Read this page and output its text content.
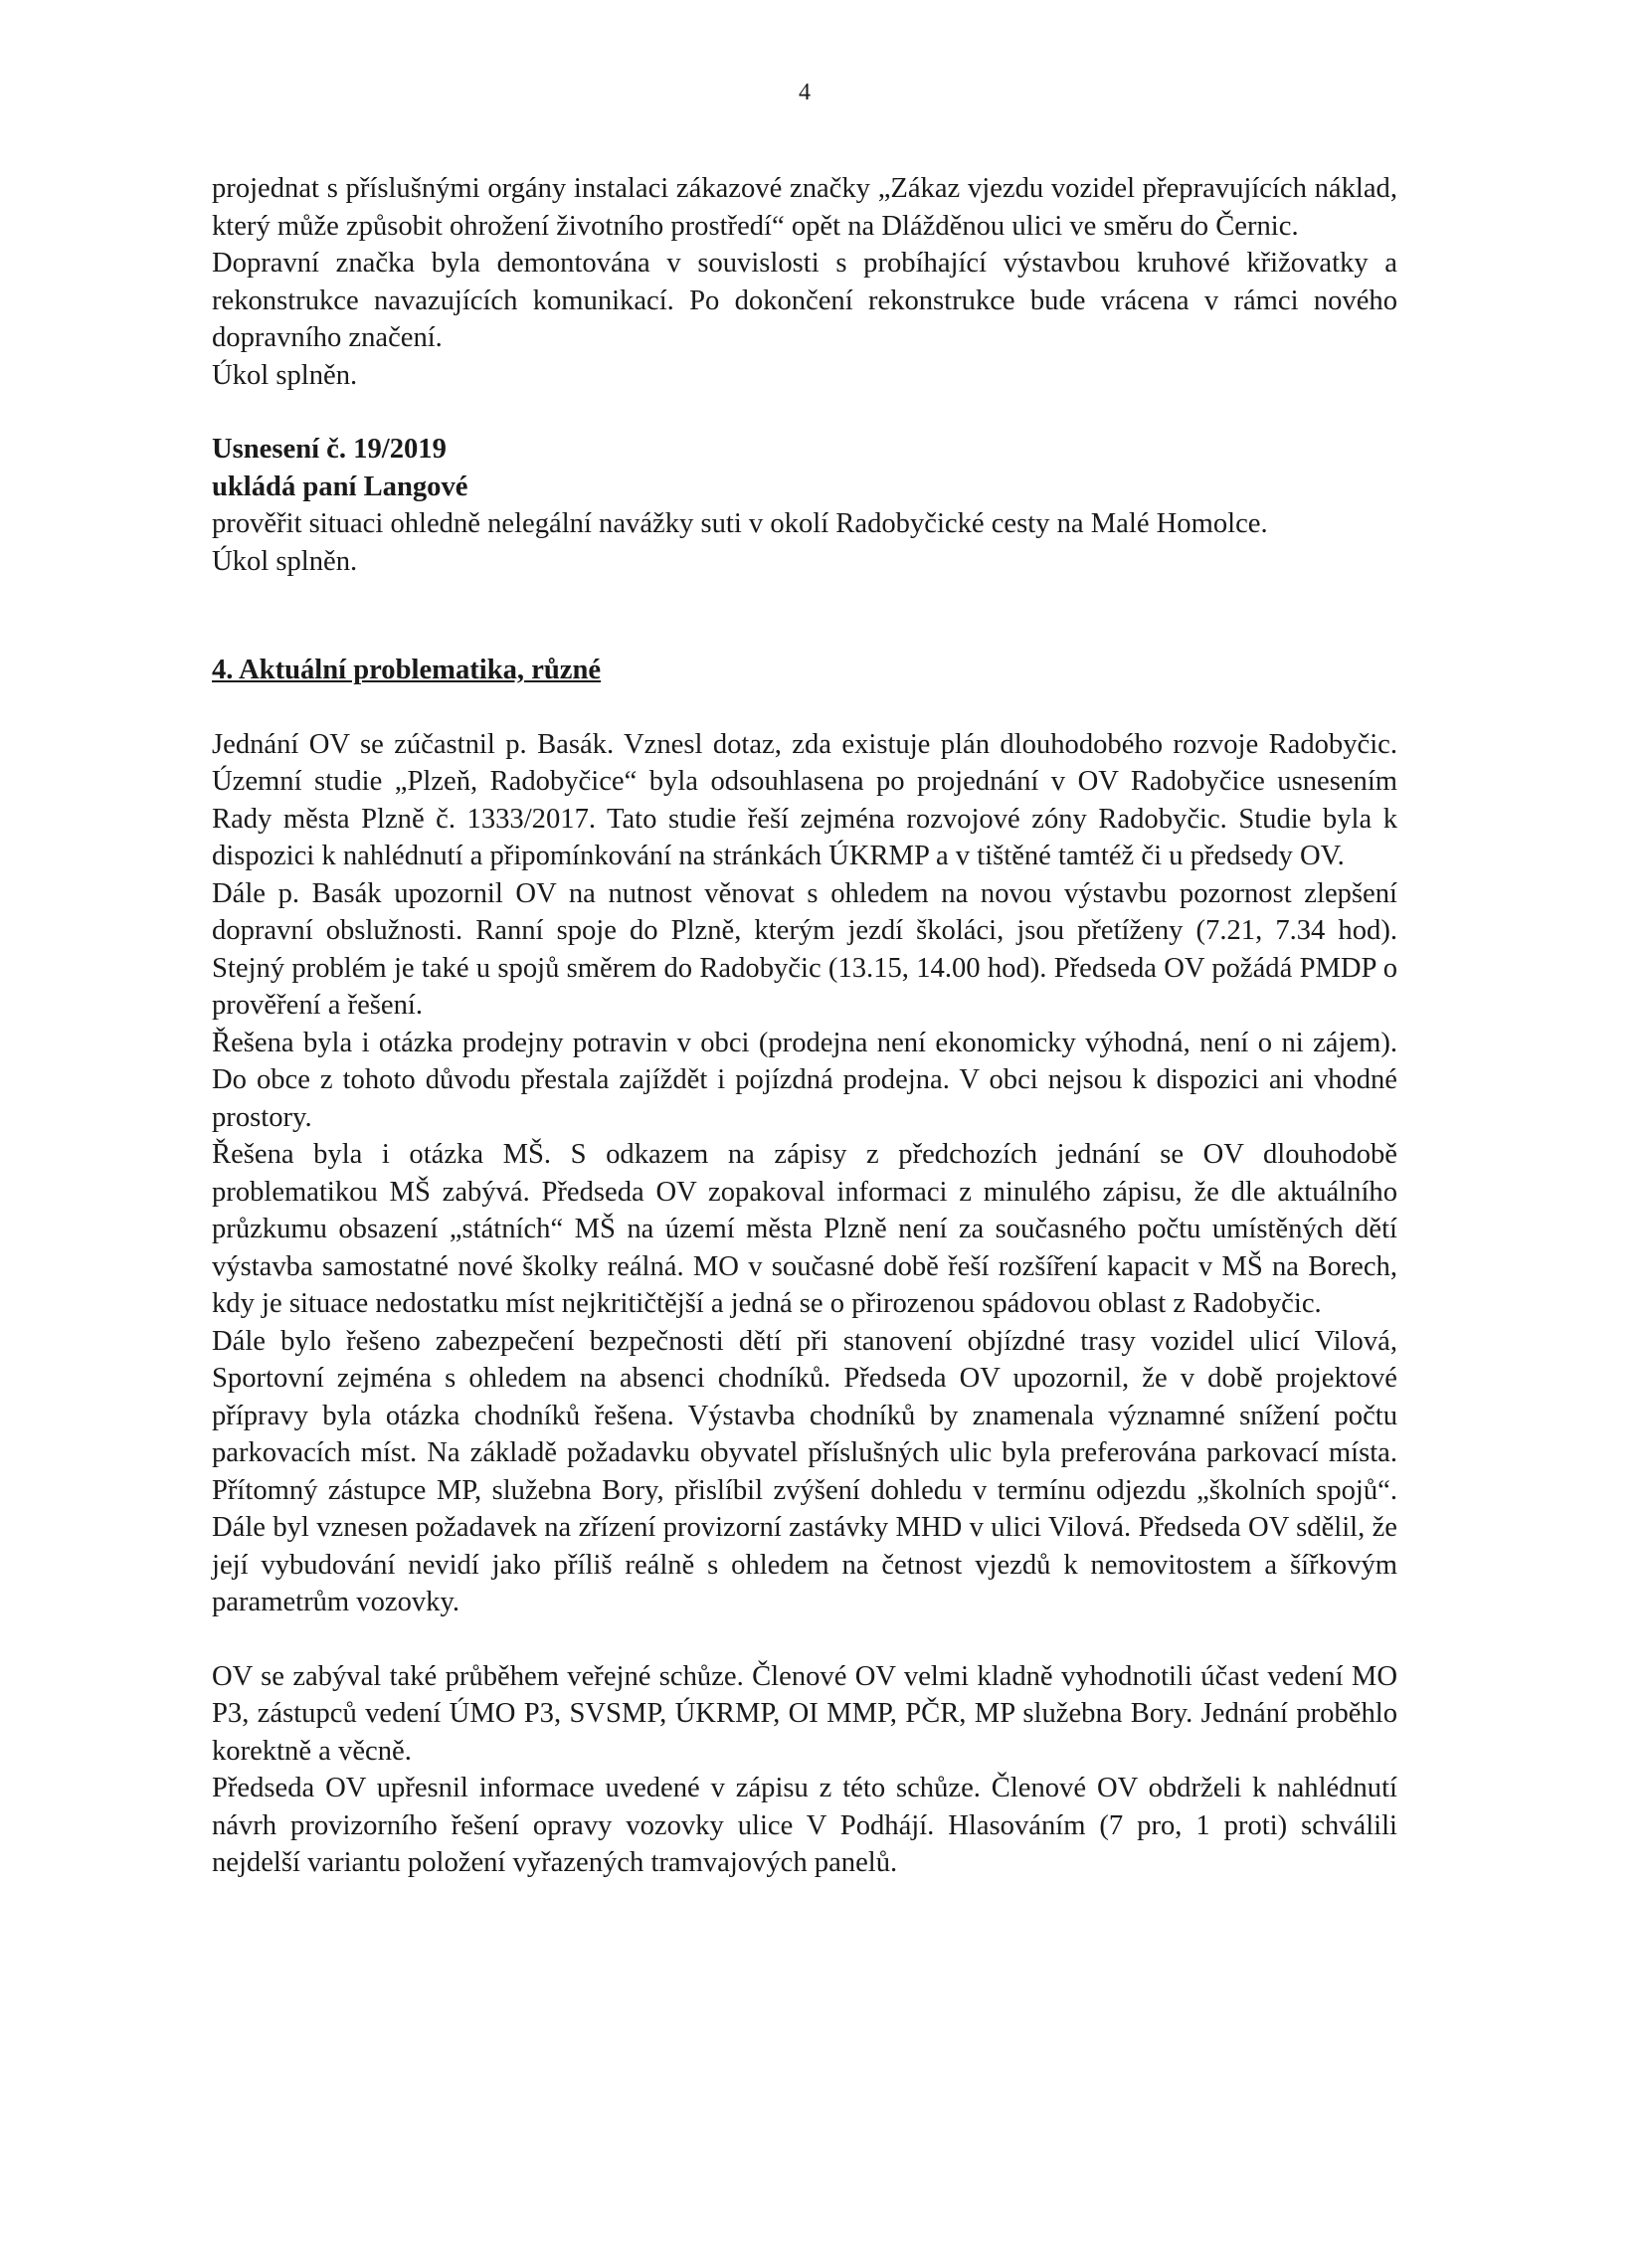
4

projednat s příslušnými orgány instalaci zákazové značky „Zákaz vjezdu vozidel přepravujících náklad, který může způsobit ohrožení životního prostředí“ opět na Dlážděnou ulici ve směru do Černic.

Dopravní značka byla demontována v souvislosti s probíhající výstavbou kruhové křižovatky a rekonstrukce navazujících komunikací. Po dokončení rekonstrukce bude vrácena v rámci nového dopravního značení.

Úkol splněn.

Usnesení č. 19/2019

ukládá paní Langové

prověřit situaci ohledně nelegální navážky suti v okolí Radobyčické cesty na Malé Homolce.

Úkol splněn.

4. Aktuální problematika, různé

Jednání OV se zúčastnil p. Basák. Vznesl dotaz, zda existuje plán dlouhodobého rozvoje Radobyčic. Územní studie „Plzeň, Radobyčice“ byla odsouhlasena po projednání v OV Radobyčice usnesením Rady města Plzně č. 1333/2017. Tato studie řeší zejména rozvojové zóny Radobyčic. Studie byla k dispozici k nahlédnutí a připomínkování na stránkách ÚKRMP a v tištěné tamtéž či u předsedy OV.

Dále p. Basák upozornil OV na nutnost věnovat s ohledem na novou výstavbu pozornost zlepšení dopravní obslužnosti. Ranní spoje do Plzně, kterým jezdí školáci, jsou přetíženy (7.21, 7.34 hod). Stejný problém je také u spojů směrem do Radobyčic (13.15, 14.00 hod). Předseda OV požádá PMDP o prověření a řešení.

Řešena byla i otázka prodejny potravin v obci (prodejna není ekonomicky výhodná, není o ni zájem). Do obce z tohoto důvodu přestala zajíždět i pojízdná prodejna. V obci nejsou k dispozici ani vhodné prostory.

Řešena byla i otázka MŠ. S odkazem na zápisy z předchozích jednání se OV dlouhodobě problematikou MŠ zabývá. Předseda OV zopakoval informaci z minulého zápisu, že dle aktuálního průzkumu obsazení „státních“ MŠ na území města Plzně není za současného počtu umístěných dětí výstavba samostatné nové školky reálná. MO v současné době řeší rozšíření kapacit v MŠ na Borech, kdy je situace nedostatku míst nejkritičtější a jedná se o přirozenou spádovou oblast z Radobyčic.

Dále bylo řešeno zabezpečení bezpečnosti dětí při stanovení objízdné trasy vozidel ulicí Vilová, Sportovní zejména s ohledem na absenci chodníků. Předseda OV upozornil, že v době projektové přípravy byla otázka chodníků řešena. Výstavba chodníků by znamenala významné snížení počtu parkovacích míst. Na základě požadavku obyvatel příslušných ulic byla preferována parkovací místa. Přítomný zástupce MP, služebna Bory, přislíbil zvýšení dohledu v termínu odjezdu „školních spojů“. Dále byl vznesen požadavek na zřízení provizorní zastávky MHD v ulici Vilová. Předseda OV sdělil, že její vybudování nevidí jako příliš reálně s ohledem na četnost vjezdů k nemovitostem a šířkovým parametrům vozovky.

OV se zabýval také průběhem veřejné schůze. Členové OV velmi kladně vyhodnotili účast vedení MO P3, zástupců vedení ÚMO P3, SVSMP, ÚKRMP, OI MMP, PČR, MP služebna Bory. Jednání proběhlo korektně a věcně.

Předseda OV upřesnil informace uvedené v zápisu z této schůze. Členové OV obdrželi k nahlédnutí návrh provizorního řešení opravy vozovky ulice V Podhájí. Hlasováním (7 pro, 1 proti) schválili nejdelší variantu položení vyřazených tramvajových panelů.
